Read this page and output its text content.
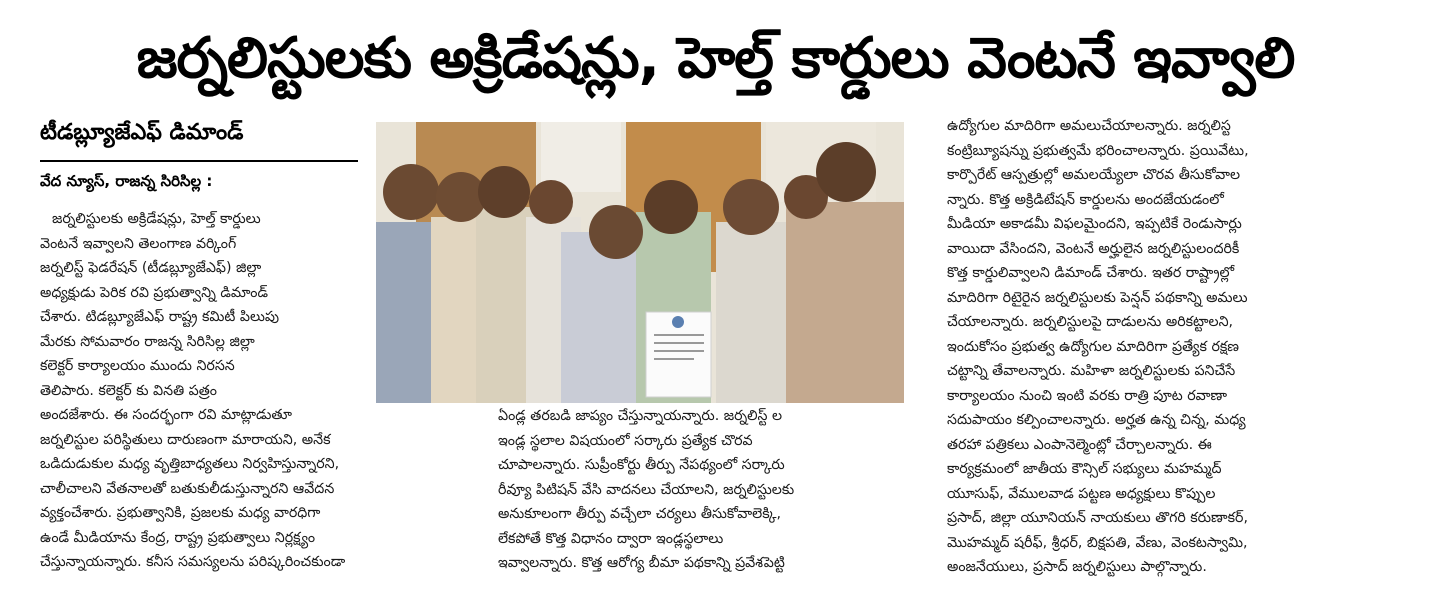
జర్నలిస్టులకు అక్రిడేషన్లు, హెల్త్ కార్డులు వెంటనే ఇవ్వాలి
టీడబ్ల్యూజేఎఫ్ డిమాండ్
వేద న్యూస్, రాజన్న సిరిసిల్ల :
జర్నలిస్టులకు అక్రిడేషన్లు, హెల్త్ కార్డులు
వెంటనే ఇవ్వాలని తెలంగాణ వర్కింగ్
జర్నలిస్ట్ ఫెడరేషన్ (టీడబ్ల్యూజేఎఫ్) జిల్లా
అధ్యక్షుడు పెరిక రవి ప్రభుత్వాన్ని డిమాండ్
చేశారు. టిడబ్ల్యూజేఎఫ్ రాష్ట్ర కమిటీ పిలుపు
మేరకు సోమవారం రాజన్న సిరిసిల్ల జిల్లా
కలెక్టర్ కార్యాలయం ముందు నిరసన
తెలిపారు. కలెక్టర్ కు వినతి పత్రం
అందజేశారు. ఈ సందర్భంగా రవి మాట్లాడుతూ
జర్నలిస్టుల పరిస్థితులు దారుణంగా మారాయని, అనేక
ఒడిదుడుకుల మధ్య వృత్తిబాధ్యతలు నిర్వహిస్తున్నారని,
చాలీచాలని వేతనాలతో బతుకులీడుస్తున్నారని ఆవేదన
వ్యక్తంచేశారు. ప్రభుత్వానికి, ప్రజలకు మధ్య వారధిగా
ఉండే మీడియాను కేంద్ర, రాష్ట్ర ప్రభుత్వాలు నిర్లక్ష్యం
చేస్తున్నాయన్నారు. కనీస సమస్యలను పరిష్కరించకుండా
ఏండ్ల తరబడి జాప్యం చేస్తున్నాయన్నారు. జర్నలిస్ట్ ల
ఇండ్ల స్థలాల విషయంలో సర్కారు ప్రత్యేక చొరవ
చూపాలన్నారు. సుప్రీంకోర్టు తీర్పు నేపథ్యంలో సర్కారు
రీవ్యూ పిటిషన్ వేసి వాదనలు చేయాలని, జర్నలిస్టులకు
అనుకూలంగా తీర్పు వచ్చేలా చర్యలు తీసుకోవాలెక్కి,
లేకపోతే కొత్త విధానం ద్వారా ఇండ్లస్థలాలు
ఇవ్వాలన్నారు. కొత్త ఆరోగ్య బీమా పథకాన్ని ప్రవేశపెట్టి
ఉద్యోగుల మాదిరిగా అమలుచేయాలన్నారు. జర్నలిస్ట
కంట్రిబ్యూషన్ను ప్రభుత్వమే భరించాలన్నారు. ప్రయివేటు,
కార్పొరేట్ ఆస్పత్రుల్లో అమలయ్యేలా చొరవ తీసుకోవాల
న్నారు. కొత్త అక్రిడిటేషన్ కార్డులను అందజేయడంలో
మీడియా అకాడమీ విఫలమైందని, ఇప్పటికే రెండుసార్లు
వాయిదా వేసిందని, వెంటనే అర్హులైన జర్నలిస్టులందరికీ
కొత్త కార్డులివ్వాలని డిమాండ్ చేశారు. ఇతర రాష్ట్రాల్లో
మాదిరిగా రిటైరైన జర్నలిస్టులకు పెన్షన్ పథకాన్ని అమలు
చేయాలన్నారు. జర్నలిస్టులపై దాడులను అరికట్టాలని,
ఇందుకోసం ప్రభుత్వ ఉద్యోగుల మాదిరిగా ప్రత్యేక రక్షణ
చట్టాన్ని తేవాలన్నారు. మహిళా జర్నలిస్టులకు పనిచేసే
కార్యాలయం నుంచి ఇంటి వరకు రాత్రి పూట రవాణా
సదుపాయం కల్పించాలన్నారు. అర్హత ఉన్న చిన్న, మధ్య
తరహా పత్రికలు ఎంపానెల్మెంట్లో చేర్చాలన్నారు. ఈ
కార్యక్రమంలో జాతీయ కౌన్సిల్ సభ్యులు మహమ్మద్
యూసుఫ్, వేములవాడ పట్టణ అధ్యక్షులు కొప్పుల
ప్రసాద్, జిల్లా యూనియన్ నాయకులు తొగరి కరుణాకర్,
మొహమ్మద్ షరీఫ్, శ్రీధర్, బిక్షపతి, వేణు, వెంకటస్వామి,
అంజనేయులు, ప్రసాద్ జర్నలిస్టులు పాల్గొన్నారు.
